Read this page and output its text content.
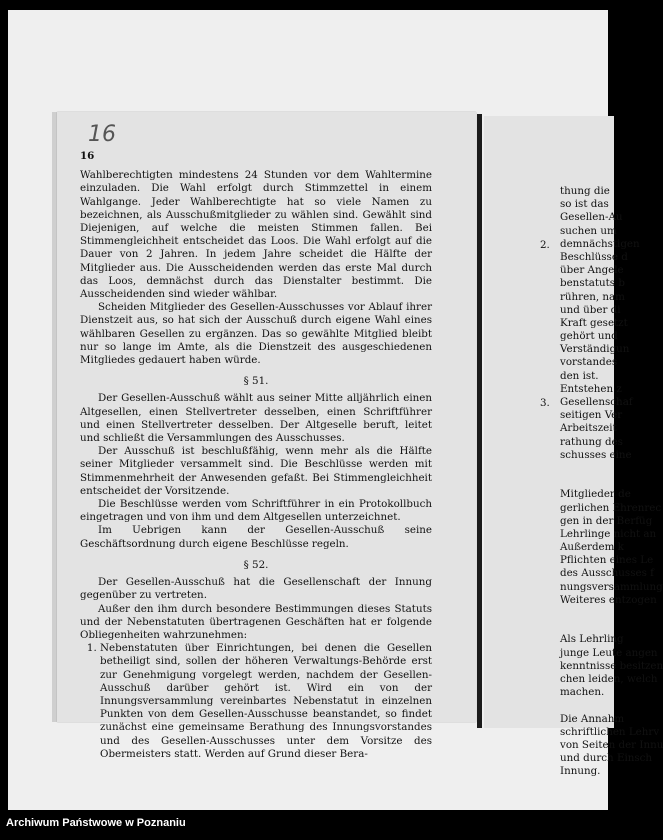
16

16

Wahlberechtigten mindestens 24 Stunden vor dem Wahltermine einzuladen. Die Wahl erfolgt durch Stimmzettel in einem Wahlgange. Jeder Wahlberechtigte hat so viele Namen zu bezeichnen, als Ausschußmitglieder zu wählen sind. Gewählt sind Diejenigen, auf welche die meisten Stimmen fallen. Bei Stimmengleichheit entscheidet das Loos. Die Wahl erfolgt auf die Dauer von 2 Jahren. In jedem Jahre scheidet die Hälfte der Mitglieder aus. Die Ausscheidenden werden das erste Mal durch das Loos, demnächst durch das Dienstalter bestimmt. Die Ausscheidenden sind wieder wählbar.

Scheiden Mitglieder des Gesellen-Ausschusses vor Ablauf ihrer Dienstzeit aus, so hat sich der Ausschuß durch eigene Wahl eines wählbaren Gesellen zu ergänzen. Das so gewählte Mitglied bleibt nur so lange im Amte, als die Dienstzeit des ausgeschiedenen Mitgliedes gedauert haben würde.

§ 51.

Der Gesellen-Ausschuß wählt aus seiner Mitte alljährlich einen Altgesellen, einen Stellvertreter desselben, einen Schriftführer und einen Stellvertreter desselben. Der Altgeselle beruft, leitet und schließt die Versammlungen des Ausschusses.

Der Ausschuß ist beschlußfähig, wenn mehr als die Hälfte seiner Mitglieder versammelt sind. Die Beschlüsse werden mit Stimmenmehrheit der Anwesenden gefaßt. Bei Stimmengleichheit entscheidet der Vorsitzende.

Die Beschlüsse werden vom Schriftführer in ein Protokollbuch eingetragen und von ihm und dem Altgesellen unterzeichnet.

Im Uebrigen kann der Gesellen-Ausschuß seine Geschäftsordnung durch eigene Beschlüsse regeln.

§ 52.

Der Gesellen-Ausschuß hat die Gesellenschaft der Innung gegenüber zu vertreten.

Außer den ihm durch besondere Bestimmungen dieses Statuts und der Nebenstatuten übertragenen Geschäften hat er folgende Obliegenheiten wahrzunehmen:

1. Nebenstatuten über Einrichtungen, bei denen die Gesellen betheiligt sind, sollen der höheren Verwaltungs-Behörde erst zur Genehmigung vorgelegt werden, nachdem der Gesellen-Ausschuß darüber gehört ist. Wird ein von der Innungsversammlung vereinbartes Nebenstatut in einzelnen Punkten von dem Gesellen-Ausschusse beanstandet, so findet zunächst eine gemeinsame Berathung des Innungsvorstandes und des Gesellen-Ausschusses unter dem Vorsitze des Obermeisters statt. Werden auf Grund dieser Bera-
2.
3.
thung die
so ist das
Gesellen-Au
suchen um
demnächstigen
Beschlüsse d
über Angele
benstatuts b
rühren, nam
und über di
Kraft gesetzt
gehört und
Verständigun
vorstandes
den ist.
Entstehen z
Gesellenschaf
seitigen Ver
Arbeitszeit
rathung des
schusses eine
Mitglieder de
gerlichen Ehrenrec
gen in der Berfüg
Lehrlinge nicht an
Außerdem k
Pflichten eines Le
des Ausschusses f
nungsversammlung
Weiteres entzogen
Als Lehrling
junge Leute angen
kenntnisse besitzen
chen leiden, welch
machen.
Die Annahm
schriftlichen Lehrv
von Seiten der Innu
und durch Einsch
Innung.
Archiwum Państwowe w Poznaniu
